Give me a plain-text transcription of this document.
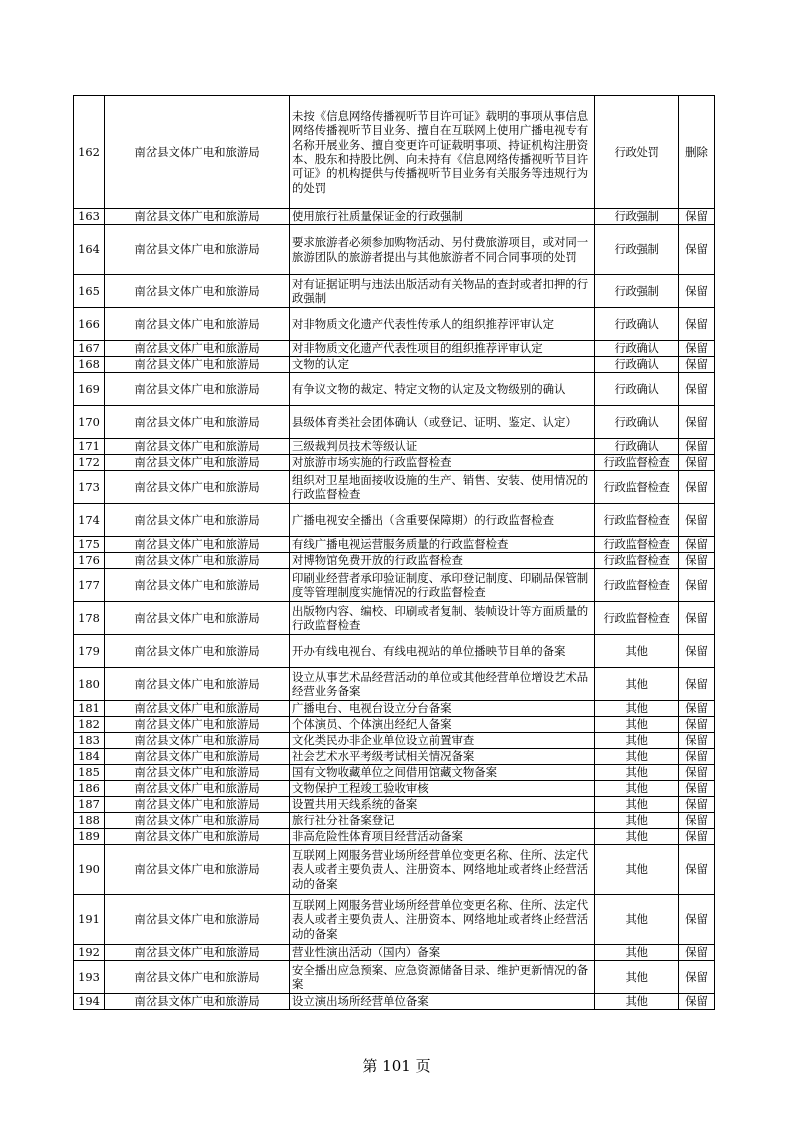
162	南岔县文体广电和旅游局	未按《信息网络传播视听节目许可证》载明的事项从事信息网络传播视听节目业务、擅自在互联网上使用广播电视专有名称开展业务、擅自变更许可证载明事项、持证机构注册资本、股东和持股比例、向未持有《信息网络传播视听节目许可证》的机构提供与传播视听节目业务有关服务等违规行为的处罚	行政处罚	删除
163	南岔县文体广电和旅游局	使用旅行社质量保证金的行政强制	行政强制	保留
164	南岔县文体广电和旅游局	要求旅游者必须参加购物活动、另付费旅游项目，或对同一旅游团队的旅游者提出与其他旅游者不同合同事项的处罚	行政强制	保留
165	南岔县文体广电和旅游局	对有证据证明与违法出版活动有关物品的查封或者扣押的行政强制	行政强制	保留
166	南岔县文体广电和旅游局	对非物质文化遗产代表性传承人的组织推荐评审认定	行政确认	保留
167	南岔县文体广电和旅游局	对非物质文化遗产代表性项目的组织推荐评审认定	行政确认	保留
168	南岔县文体广电和旅游局	文物的认定	行政确认	保留
169	南岔县文体广电和旅游局	有争议文物的裁定、特定文物的认定及文物级别的确认	行政确认	保留
170	南岔县文体广电和旅游局	县级体育类社会团体确认（或登记、证明、鉴定、认定）	行政确认	保留
171	南岔县文体广电和旅游局	三级裁判员技术等级认证	行政确认	保留
172	南岔县文体广电和旅游局	对旅游市场实施的行政监督检查	行政监督检查	保留
173	南岔县文体广电和旅游局	组织对卫星地面接收设施的生产、销售、安装、使用情况的行政监督检查	行政监督检查	保留
174	南岔县文体广电和旅游局	广播电视安全播出（含重要保障期）的行政监督检查	行政监督检查	保留
175	南岔县文体广电和旅游局	有线广播电视运营服务质量的行政监督检查	行政监督检查	保留
176	南岔县文体广电和旅游局	对博物馆免费开放的行政监督检查	行政监督检查	保留
177	南岔县文体广电和旅游局	印刷业经营者承印验证制度、承印登记制度、印刷品保管制度等管理制度实施情况的行政监督检查	行政监督检查	保留
178	南岔县文体广电和旅游局	出版物内容、编校、印刷或者复制、装帧设计等方面质量的行政监督检查	行政监督检查	保留
179	南岔县文体广电和旅游局	开办有线电视台、有线电视站的单位播映节目单的备案	其他	保留
180	南岔县文体广电和旅游局	设立从事艺术品经营活动的单位或其他经营单位增设艺术品经营业务备案	其他	保留
181	南岔县文体广电和旅游局	广播电台、电视台设立分台备案	其他	保留
182	南岔县文体广电和旅游局	个体演员、个体演出经纪人备案	其他	保留
183	南岔县文体广电和旅游局	文化类民办非企业单位设立前置审查	其他	保留
184	南岔县文体广电和旅游局	社会艺术水平考级考试相关情况备案	其他	保留
185	南岔县文体广电和旅游局	国有文物收藏单位之间借用馆藏文物备案	其他	保留
186	南岔县文体广电和旅游局	文物保护工程竣工验收审核	其他	保留
187	南岔县文体广电和旅游局	设置共用天线系统的备案	其他	保留
188	南岔县文体广电和旅游局	旅行社分社备案登记	其他	保留
189	南岔县文体广电和旅游局	非高危险性体育项目经营活动备案	其他	保留
190	南岔县文体广电和旅游局	互联网上网服务营业场所经营单位变更名称、住所、法定代表人或者主要负责人、注册资本、网络地址或者终止经营活动的备案	其他	保留
191	南岔县文体广电和旅游局	互联网上网服务营业场所经营单位变更名称、住所、法定代表人或者主要负责人、注册资本、网络地址或者终止经营活动的备案	其他	保留
192	南岔县文体广电和旅游局	营业性演出活动（国内）备案	其他	保留
193	南岔县文体广电和旅游局	安全播出应急预案、应急资源储备目录、维护更新情况的备案	其他	保留
194	南岔县文体广电和旅游局	设立演出场所经营单位备案	其他	保留
第 101 页
